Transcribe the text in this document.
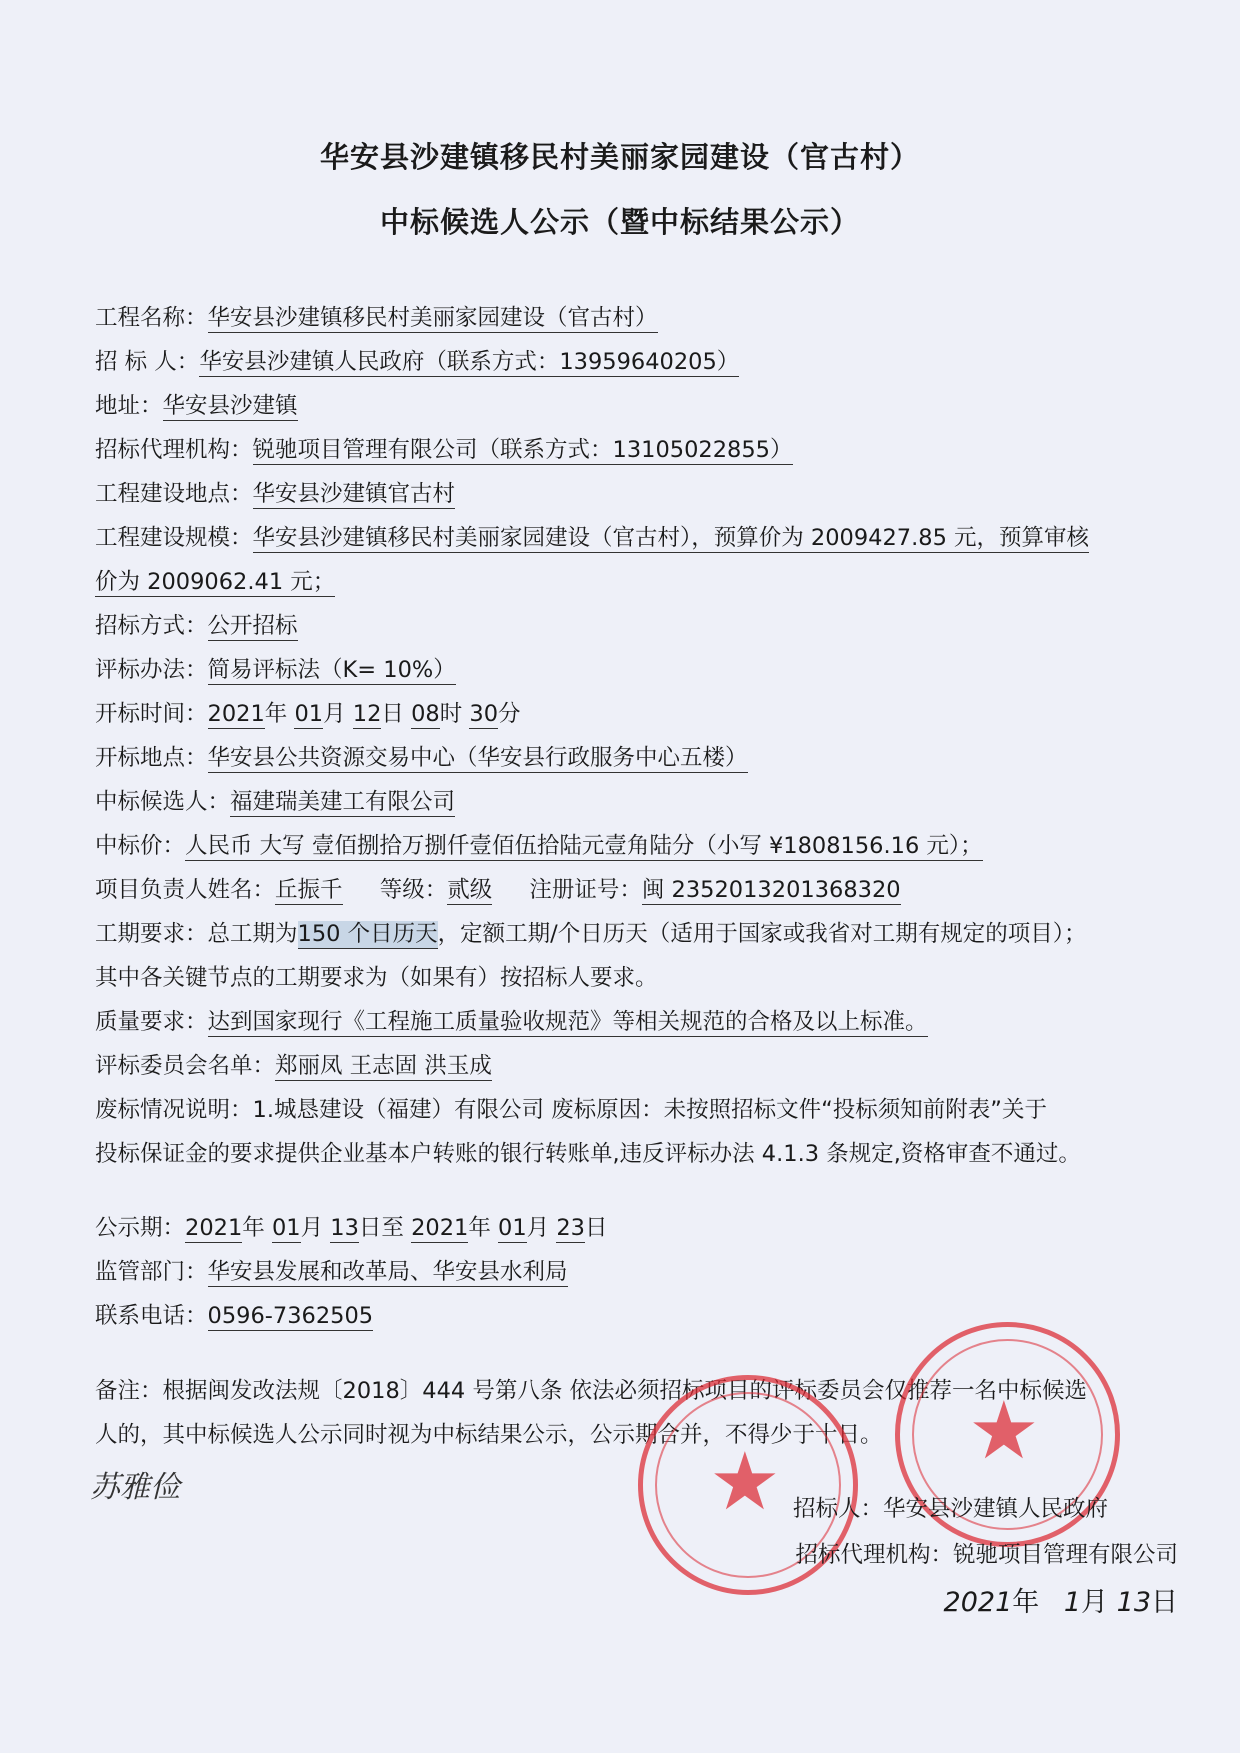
华安县沙建镇移民村美丽家园建设（官古村）
中标候选人公示（暨中标结果公示）
工程名称：华安县沙建镇移民村美丽家园建设（官古村）
招 标 人：华安县沙建镇人民政府（联系方式：13959640205）
地址：华安县沙建镇
招标代理机构：锐驰项目管理有限公司（联系方式：13105022855）
工程建设地点：华安县沙建镇官古村
工程建设规模：华安县沙建镇移民村美丽家园建设（官古村），预算价为 2009427.85 元，预算审核
价为 2009062.41 元；
招标方式：公开招标
评标办法：简易评标法（K= 10%）
开标时间：2021年 01月 12日 08时 30分
开标地点：华安县公共资源交易中心（华安县行政服务中心五楼）
中标候选人：福建瑞美建工有限公司
中标价：人民币 大写 壹佰捌拾万捌仟壹佰伍拾陆元壹角陆分（小写 ¥1808156.16 元）；
项目负责人姓名：丘振千 等级：贰级 注册证号：闽 2352013201368320
工期要求：总工期为150 个日历天，定额工期/个日历天（适用于国家或我省对工期有规定的项目）；
其中各关键节点的工期要求为（如果有）按招标人要求。
质量要求：达到国家现行《工程施工质量验收规范》等相关规范的合格及以上标准。
评标委员会名单：郑丽凤 王志固 洪玉成
废标情况说明：1.城恳建设（福建）有限公司 废标原因：未按照招标文件“投标须知前附表”关于
投标保证金的要求提供企业基本户转账的银行转账单,违反评标办法 4.1.3 条规定,资格审查不通过。
公示期：2021年 01月 13日至 2021年 01月 23日
监管部门：华安县发展和改革局、华安县水利局
联系电话：0596-7362505
备注：根据闽发改法规〔2018〕444 号第八条 依法必须招标项目的评标委员会仅推荐一名中标候选
人的，其中标候选人公示同时视为中标结果公示，公示期合并，不得少于十日。
★
★
苏雅俭
招标人：华安县沙建镇人民政府
招标代理机构：锐驰项目管理有限公司
2021年 1月 13日
